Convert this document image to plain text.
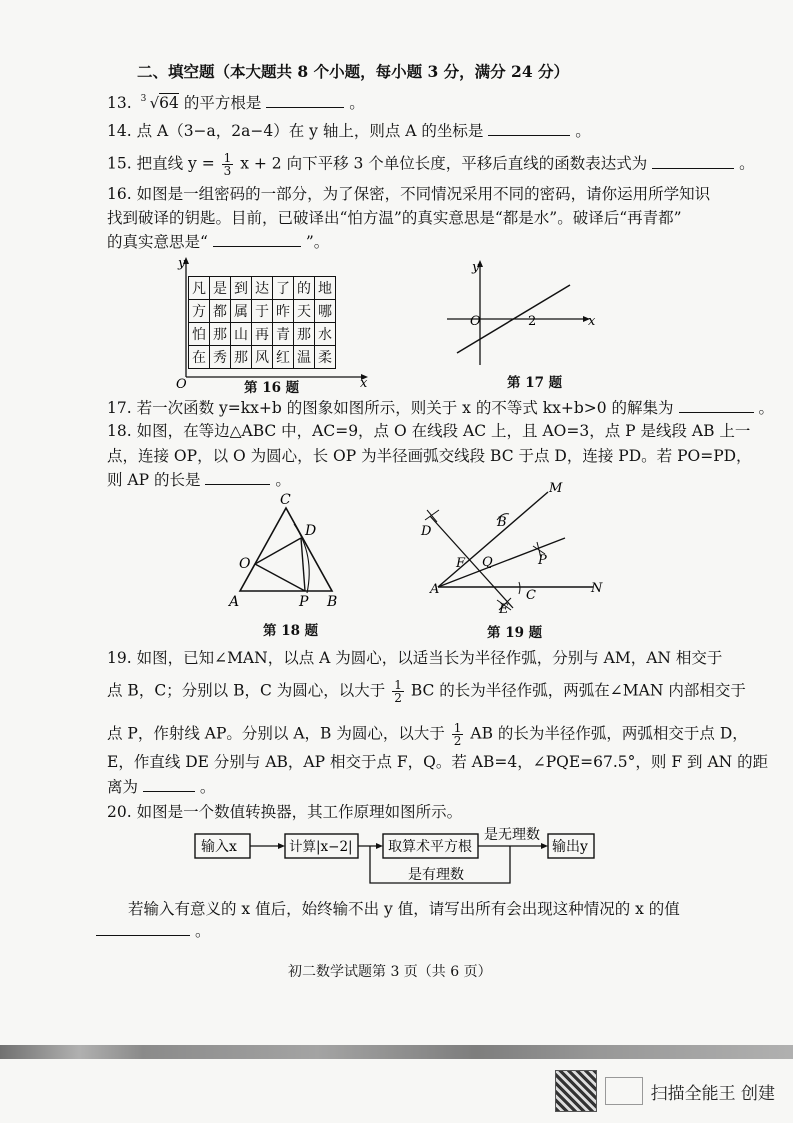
二、填空题（本大题共 8 个小题，每小题 3 分，满分 24 分）
13. 3 √64 的平方根是	。
14. 点 A（3−a，2a−4）在 y 轴上，则点 A 的坐标是	。
15. 把直线 $y = \frac{1}{3}$ x + 2 向下平移 3 个单位长度，平移后直线的函数表达式为	。
16. 如图是一组密码的一部分，为了保密，不同情况采用不同的密码，请你运用所学知识
找到破译的钥匙。目前，已破译出“怕方温”的真实意思是“都是水”。破译后“再青都”
的真实意思是“	”。
y
x
O
凡	是	到	达	了	的	地
方	都	属	于	昨	天	哪
怕	那	山	再	青	那	水
在	秀	那	风	红	温	柔
第 16 题
y
x
O	2
第 17 题
17. 若一次函数 y=kx+b 的图象如图所示，则关于 x 的不等式 kx+b>0 的解集为	。
18. 如图，在等边△ABC 中，AC=9，点 O 在线段 AC 上，且 AO=3，点 P 是线段 AB 上一
点，连接 OP，以 O 为圆心，长 OP 为半径画弧交线段 BC 于点 D，连接 PD。若 PO=PD，
则 AP 的长是	。
C
D
O
A	P B
第 18 题
M
B
D
F Q	P
A
E
C	N
第 19 题
19. 如图，已知∠MAN，以点 A 为圆心，以适当长为半径作弧，分别与 AM，AN 相交于
点 B，C；分别以 B，C 为圆心，以大于 $\frac{1}{2}$ BC 的长为半径作弧，两弧在∠MAN 内部相交于
点 P，作射线 AP。分别以 A，B 为圆心，以大于 $\frac{1}{2}$ AB 的长为半径作弧，两弧相交于点 D，
E，作直线 DE 分别与 AB，AP 相交于点 F，Q。若 AB=4，∠PQE=67.5°，则 F 到 AN 的距
离为	。
20. 如图是一个数值转换器，其工作原理如图所示。
输入x	计算|x−2|	取算术平方根	输出y
是无理数
是有理数
若输入有意义的 x 值后，始终输不出 y 值，请写出所有会出现这种情况的 x 的值
。
初二数学试题第 3 页（共 6 页）
扫描全能王 创建
